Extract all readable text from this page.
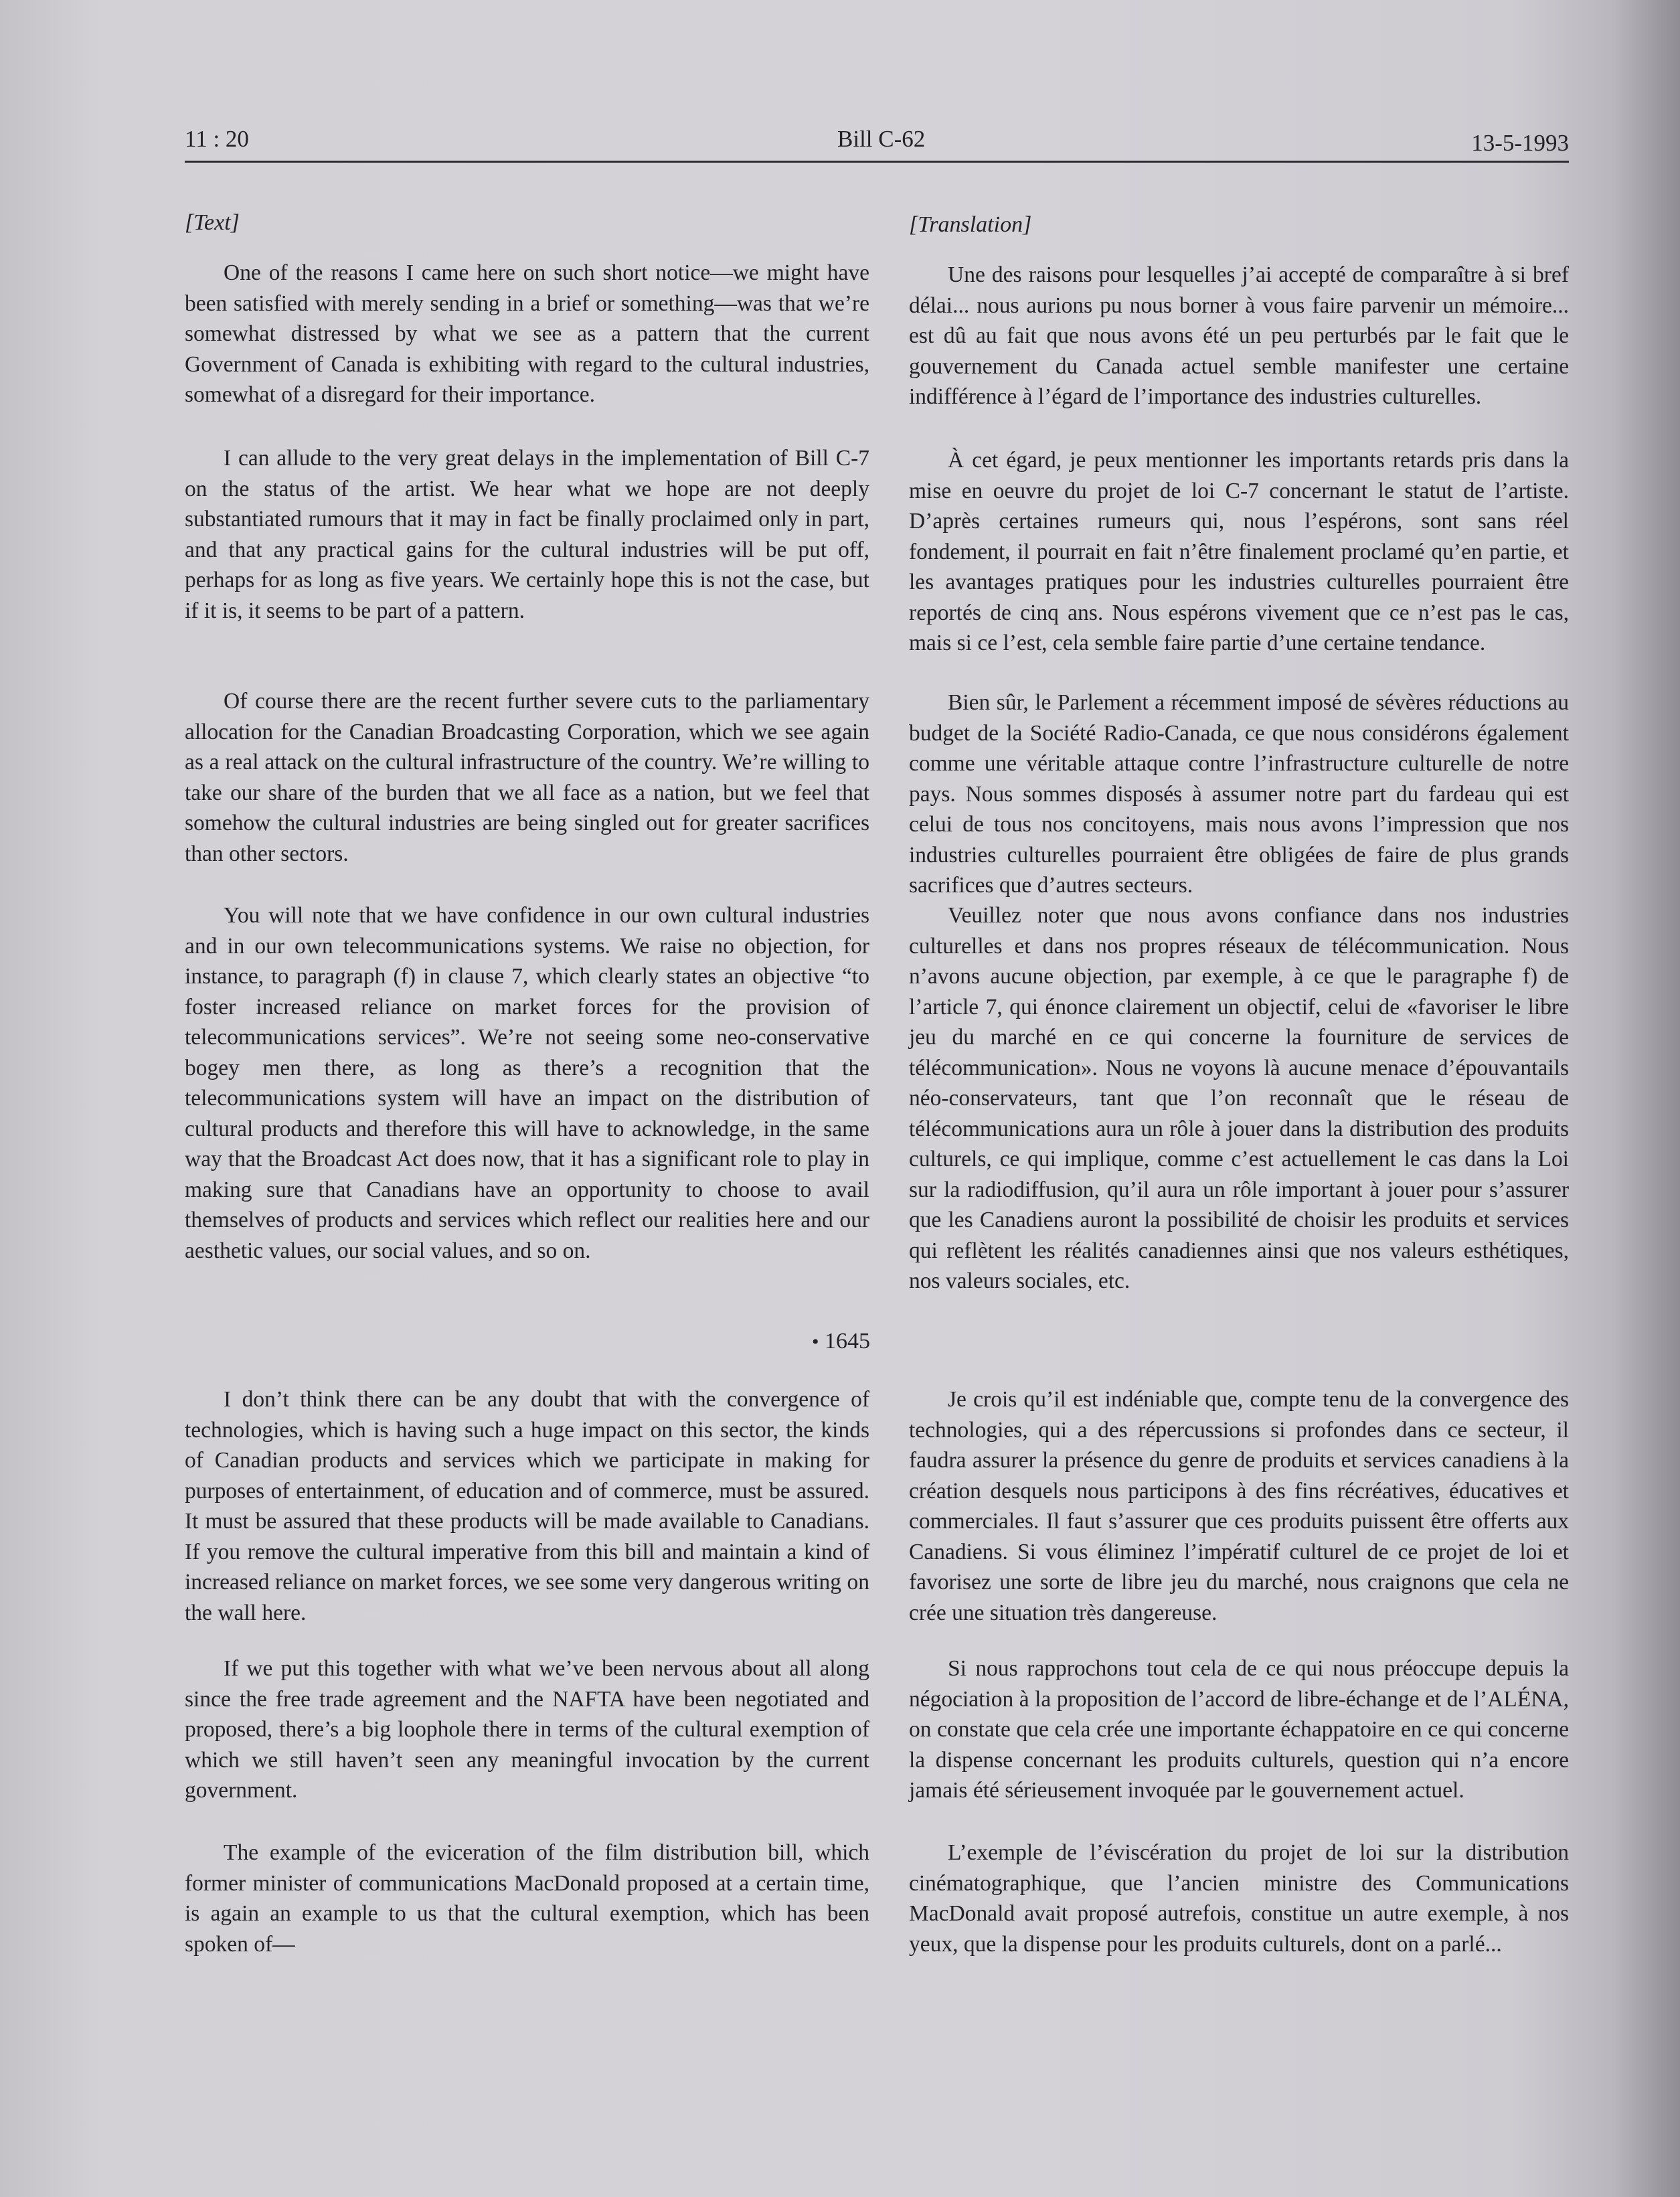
11 : 20	Bill C-62	13-5-1993
[Text]

One of the reasons I came here on such short notice—we might have been satisfied with merely sending in a brief or something—was that we’re somewhat distressed by what we see as a pattern that the current Government of Canada is exhibiting with regard to the cultural industries, somewhat of a disregard for their importance.

I can allude to the very great delays in the implementation of Bill C-7 on the status of the artist. We hear what we hope are not deeply substantiated rumours that it may in fact be finally proclaimed only in part, and that any practical gains for the cultural industries will be put off, perhaps for as long as five years. We certainly hope this is not the case, but if it is, it seems to be part of a pattern.

Of course there are the recent further severe cuts to the parliamentary allocation for the Canadian Broadcasting Corporation, which we see again as a real attack on the cultural infrastructure of the country. We’re willing to take our share of the burden that we all face as a nation, but we feel that somehow the cultural industries are being singled out for greater sacrifices than other sectors.

You will note that we have confidence in our own cultural industries and in our own telecommunications systems. We raise no objection, for instance, to paragraph (f) in clause 7, which clearly states an objective “to foster increased reliance on market forces for the provision of telecommunications services”. We’re not seeing some neo-conservative bogey men there, as long as there’s a recognition that the telecommunications system will have an impact on the distribution of cultural products and therefore this will have to acknowledge, in the same way that the Broadcast Act does now, that it has a significant role to play in making sure that Canadians have an opportunity to choose to avail themselves of products and services which reflect our realities here and our aesthetic values, our social values, and so on.

I don’t think there can be any doubt that with the convergence of technologies, which is having such a huge impact on this sector, the kinds of Canadian products and services which we participate in making for purposes of entertainment, of education and of commerce, must be assured. It must be assured that these products will be made available to Canadians. If you remove the cultural imperative from this bill and maintain a kind of increased reliance on market forces, we see some very dangerous writing on the wall here.

If we put this together with what we’ve been nervous about all along since the free trade agreement and the NAFTA have been negotiated and proposed, there’s a big loophole there in terms of the cultural exemption of which we still haven’t seen any meaningful invocation by the current government.

The example of the eviceration of the film distribution bill, which former minister of communications MacDonald proposed at a certain time, is again an example to us that the cultural exemption, which has been spoken of—

• 1645
[Translation]

Une des raisons pour lesquelles j’ai accepté de comparaître à si bref délai... nous aurions pu nous borner à vous faire parvenir un mémoire... est dû au fait que nous avons été un peu perturbés par le fait que le gouvernement du Canada actuel semble manifester une certaine indifférence à l’égard de l’importance des industries culturelles.

À cet égard, je peux mentionner les importants retards pris dans la mise en oeuvre du projet de loi C-7 concernant le statut de l’artiste. D’après certaines rumeurs qui, nous l’espérons, sont sans réel fondement, il pourrait en fait n’être finalement proclamé qu’en partie, et les avantages pratiques pour les industries culturelles pourraient être reportés de cinq ans. Nous espérons vivement que ce n’est pas le cas, mais si ce l’est, cela semble faire partie d’une certaine tendance.

Bien sûr, le Parlement a récemment imposé de sévères réductions au budget de la Société Radio-Canada, ce que nous considérons également comme une véritable attaque contre l’infrastructure culturelle de notre pays. Nous sommes disposés à assumer notre part du fardeau qui est celui de tous nos concitoyens, mais nous avons l’impression que nos industries culturelles pourraient être obligées de faire de plus grands sacrifices que d’autres secteurs.

Veuillez noter que nous avons confiance dans nos industries culturelles et dans nos propres réseaux de télécommunication. Nous n’avons aucune objection, par exemple, à ce que le paragraphe f) de l’article 7, qui énonce clairement un objectif, celui de «favoriser le libre jeu du marché en ce qui concerne la fourniture de services de télécommunication». Nous ne voyons là aucune menace d’épouvantails néo-conservateurs, tant que l’on reconnaît que le réseau de télécommunications aura un rôle à jouer dans la distribution des produits culturels, ce qui implique, comme c’est actuellement le cas dans la Loi sur la radiodiffusion, qu’il aura un rôle important à jouer pour s’assurer que les Canadiens auront la possibilité de choisir les produits et services qui reflètent les réalités canadiennes ainsi que nos valeurs esthétiques, nos valeurs sociales, etc.

Je crois qu’il est indéniable que, compte tenu de la convergence des technologies, qui a des répercussions si profondes dans ce secteur, il faudra assurer la présence du genre de produits et services canadiens à la création desquels nous participons à des fins récréatives, éducatives et commerciales. Il faut s’assurer que ces produits puissent être offerts aux Canadiens. Si vous éliminez l’impératif culturel de ce projet de loi et favorisez une sorte de libre jeu du marché, nous craignons que cela ne crée une situation très dangereuse.

Si nous rapprochons tout cela de ce qui nous préoccupe depuis la négociation à la proposition de l’accord de libre-échange et de l’ALÉNA, on constate que cela crée une importante échappatoire en ce qui concerne la dispense concernant les produits culturels, question qui n’a encore jamais été sérieusement invoquée par le gouvernement actuel.

L’exemple de l’éviscération du projet de loi sur la distribution cinématographique, que l’ancien ministre des Communications MacDonald avait proposé autrefois, constitue un autre exemple, à nos yeux, que la dispense pour les produits culturels, dont on a parlé...
